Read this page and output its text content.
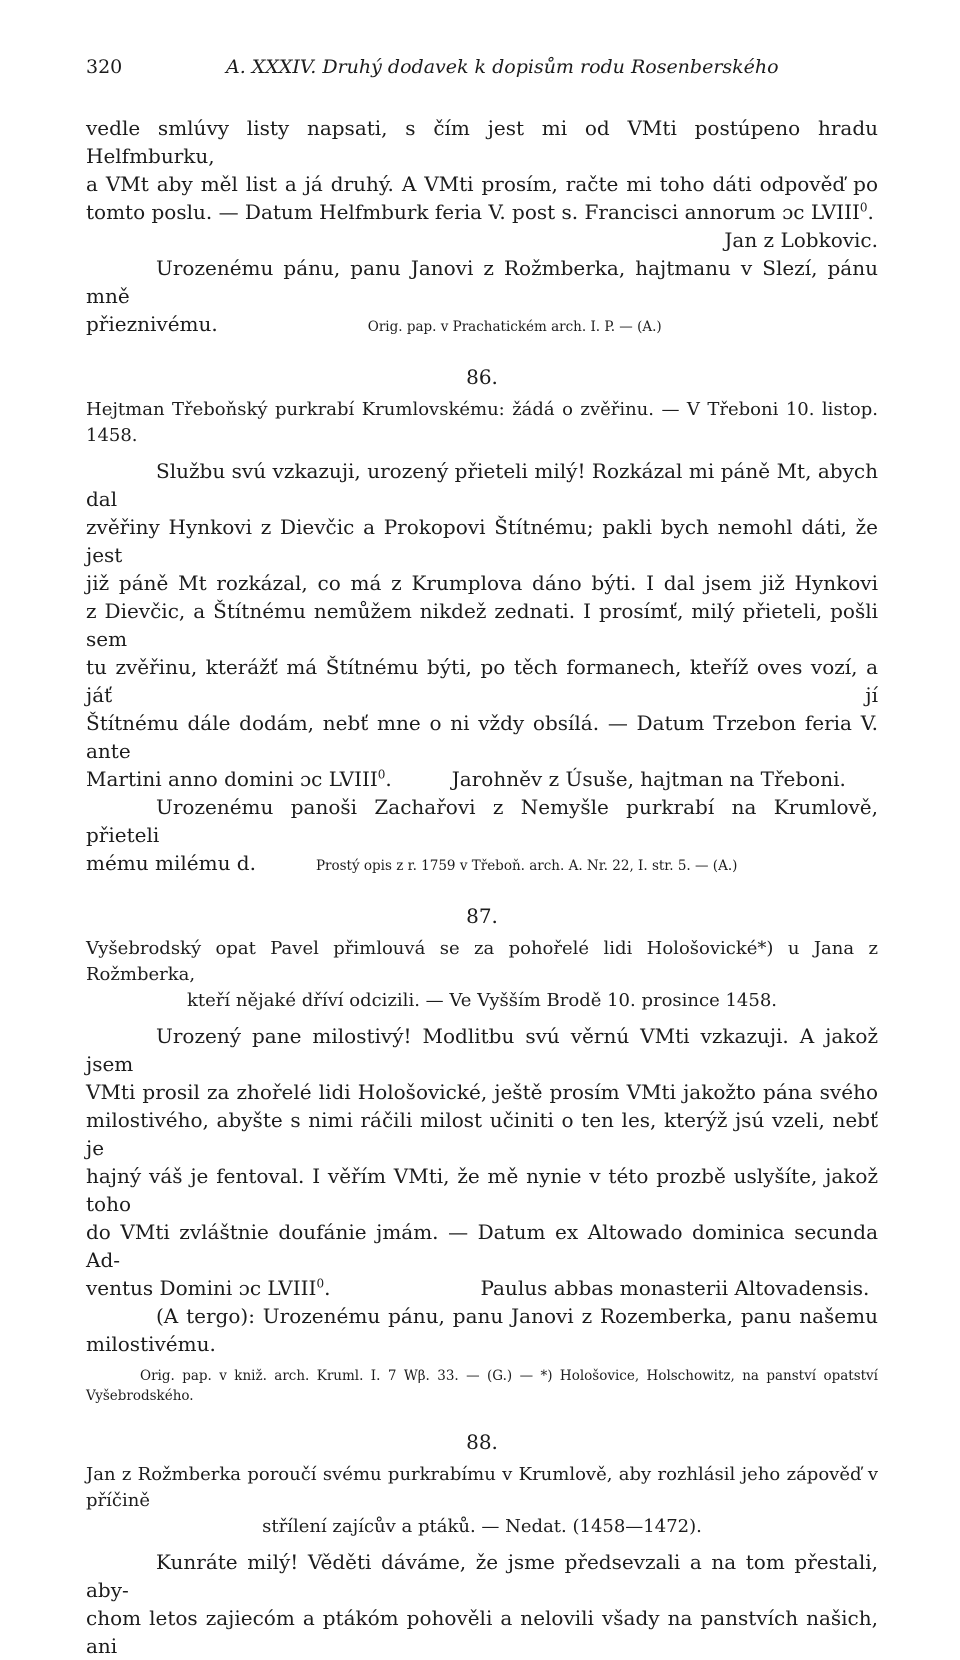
320	A. XXXIV. Druhý dodavek k dopisům rodu Rosenberského

vedle smlúvy listy napsati, s čím jest mi od VMti postúpeno hradu Helfmburku,

a VMt aby měl list a já druhý. A VMti prosím, račte mi toho dáti odpověď po

tomto poslu. — Datum Helfmburk feria V. post s. Francisci annorum ɔc LVIII$^0$.

Jan z Lobkovic.

Urozenému pánu, panu Janovi z Rožmberka, hajtmanu v Slezí, pánu mně

přieznivému.	Orig. pap. v Prachatickém arch. I. P. — (A.)

86.

Hejtman Třeboňský purkrabí Krumlovskému: žádá o zvěřinu. — V Třeboni 10. listop. 1458.

Službu svú vzkazuji, urozený přieteli milý! Rozkázal mi páně Mt, abych dal

zvěřiny Hynkovi z Dievčic a Prokopovi Štítnému; pakli bych nemohl dáti, že jest

již páně Mt rozkázal, co má z Krumplova dáno býti. I dal jsem již Hynkovi

z Dievčic, a Štítnému nemůžem nikdež zednati. I prosímť, milý přieteli, pošli sem

tu zvěřinu, kterážť má Štítnému býti, po těch formanech, kteříž oves vozí, a jáť jí

Štítnému dále dodám, nebť mne o ni vždy obsílá. — Datum Trzebon feria V. ante

Martini anno domini ɔc LVIII$^0$.	Jarohněv z Úsuše, hajtman na Třeboni.

Urozenému panoši Zachařovi z Nemyšle purkrabí na Krumlově, přieteli

mému milému d.	Prostý opis z r. 1759 v Třeboň. arch. A. Nr. 22, I. str. 5. — (A.)

87.

Vyšebrodský opat Pavel přimlouvá se za pohořelé lidi Hološovické*) u Jana z Rožmberka,

kteří nějaké dříví odcizili. — Ve Vyšším Brodě 10. prosince 1458.

Urozený pane milostivý! Modlitbu svú věrnú VMti vzkazuji. A jakož jsem

VMti prosil za zhořelé lidi Hološovické, ještě prosím VMti jakožto pána svého

milostivého, abyšte s nimi ráčili milost učiniti o ten les, kterýž jsú vzeli, nebť je

hajný váš je fentoval. I věřím VMti, že mě nynie v této prozbě uslyšíte, jakož toho

do VMti zvláštnie doufánie jmám. — Datum ex Altowado dominica secunda Ad-

ventus Domini ɔc LVIII$^0$.	Paulus abbas monasterii Altovadensis.

(A tergo): Urozenému pánu, panu Janovi z Rozemberka, panu našemu

milostivému.

Orig. pap. v kniž. arch. Kruml. I. 7 Wβ. 33. — (G.) — *) Hološovice, Holschowitz, na panství opatství

Vyšebrodského.

88.

Jan z Rožmberka poroučí svému purkrabímu v Krumlově, aby rozhlásil jeho zápověď v příčině

střílení zajícův a ptáků. — Nedat. (1458—1472).

Kunráte milý! Věděti dáváme, že jsme předsevzali a na tom přestali, aby-

chom letos zajiecóm a ptákóm pohověli a nelovili všady na panstvích našich, ani
